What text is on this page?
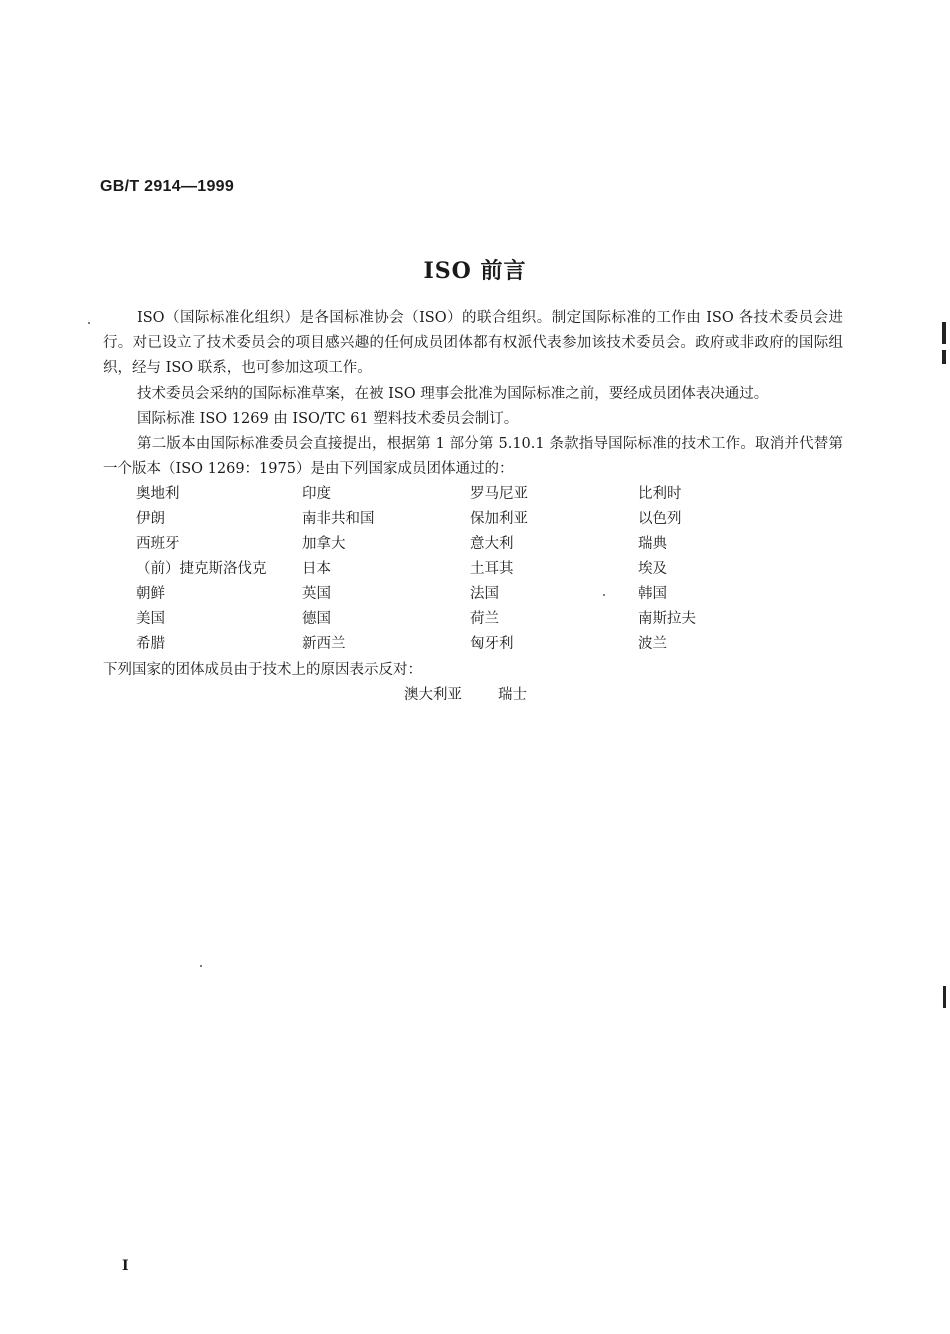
GB/T 2914—1999
ISO 前言
ISO（国际标准化组织）是各国标准协会（ISO）的联合组织。制定国际标准的工作由 ISO 各技术委员会进行。对已设立了技术委员会的项目感兴趣的任何成员团体都有权派代表参加该技术委员会。政府或非政府的国际组织，经与 ISO 联系，也可参加这项工作。
技术委员会采纳的国际标准草案，在被 ISO 理事会批准为国际标准之前，要经成员团体表决通过。
国际标准 ISO 1269 由 ISO/TC 61 塑料技术委员会制订。
第二版本由国际标准委员会直接提出，根据第 1 部分第 5.10.1 条款指导国际标准的技术工作。取消并代替第一个版本（ISO 1269：1975）是由下列国家成员团体通过的：
奥地利	印度	罗马尼亚	比利时
伊朗	南非共和国	保加利亚	以色列
西班牙	加拿大	意大利	瑞典
（前）捷克斯洛伐克	日本	土耳其	埃及
朝鲜	英国	法国	韩国
美国	德国	荷兰	南斯拉夫
希腊	新西兰	匈牙利	波兰
下列国家的团体成员由于技术上的原因表示反对：
澳大利亚 瑞士
I
